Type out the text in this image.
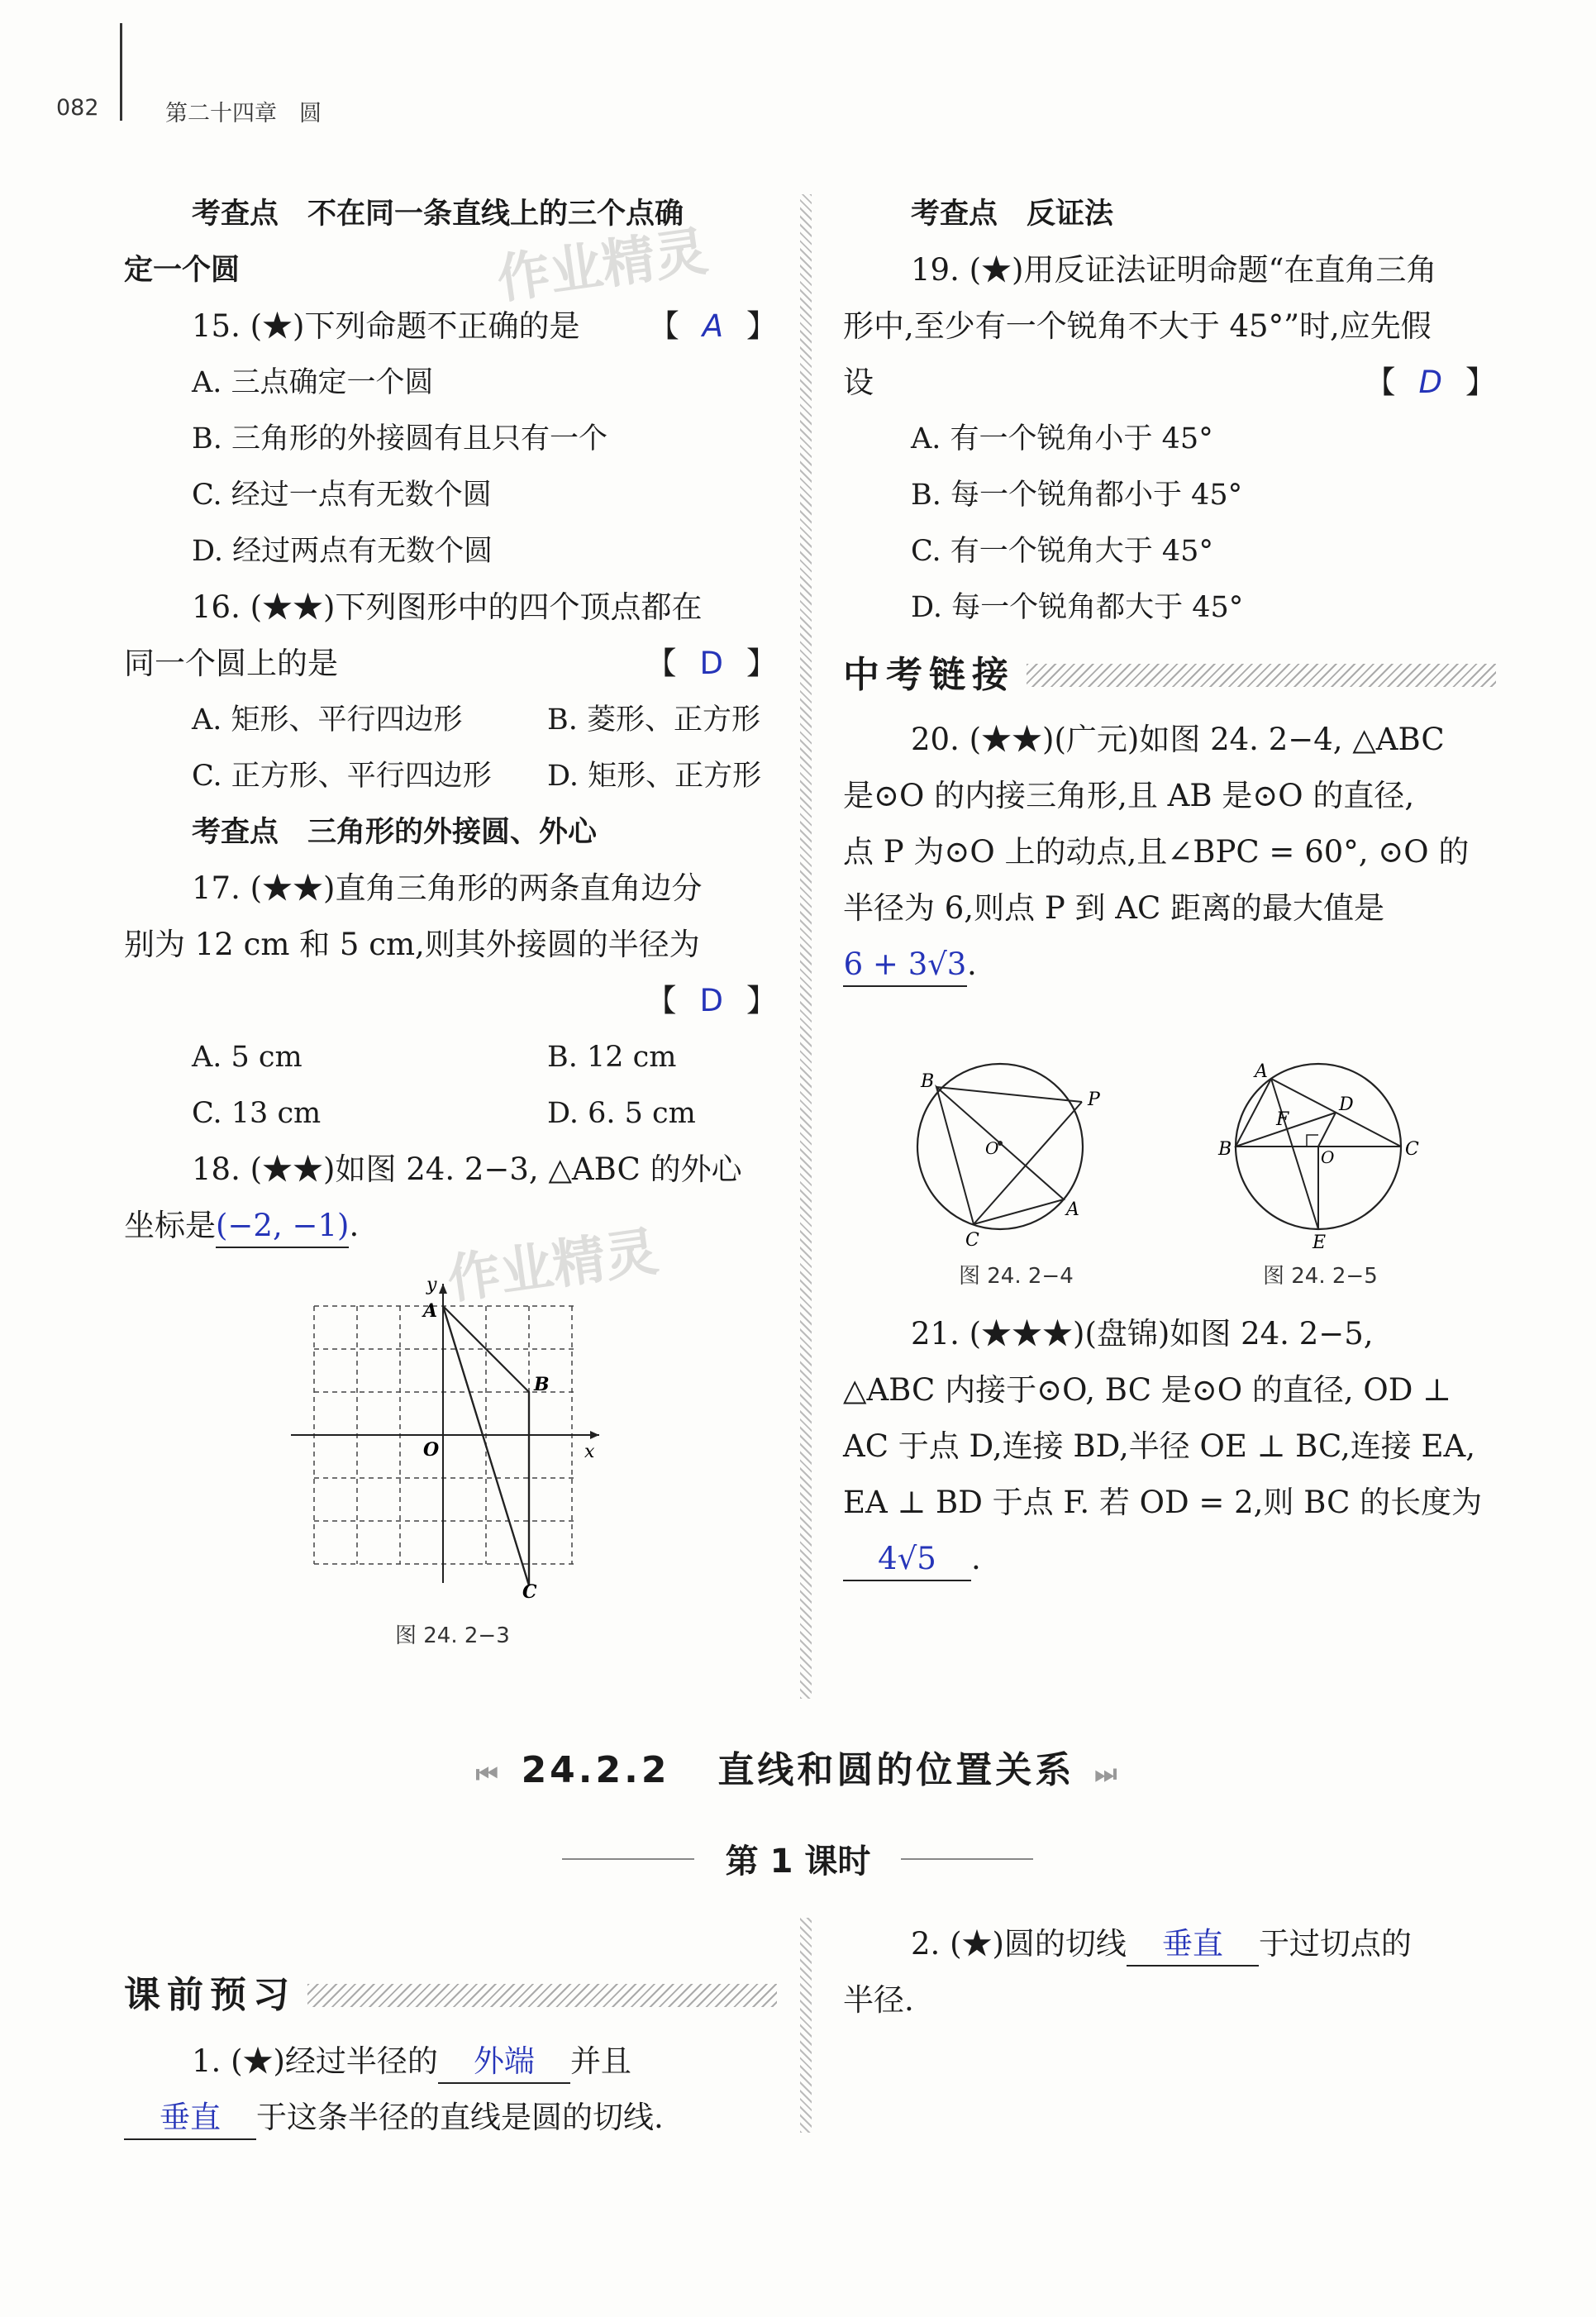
082	第二十四章　圆
作业精灵
作业精灵

考查点　不在同一条直线上的三个点确

定一个圆

15. (★)下列命题不正确的是 【 A 】

A. 三点确定一个圆

B. 三角形的外接圆有且只有一个

C. 经过一点有无数个圆

D. 经过两点有无数个圆

16. (★★)下列图形中的四个顶点都在

同一个圆上的是	【 D 】

A. 矩形、平行四边形	B. 菱形、正方形
C. 正方形、平行四边形	D. 矩形、正方形

考查点　三角形的外接圆、外心

17. (★★)直角三角形的两条直角边分

别为 12 cm 和 5 cm,则其外接圆的半径为

【 D 】

A. 5 cm	B. 12 cm
C. 13 cm	D. 6. 5 cm

18. (★★)如图 24. 2−3, △ABC 的外心

坐标是(−2, −1).

y
x
A
B
C
O
图 24. 2−3

考查点　反证法

19. (★)用反证法证明命题“在直角三角

形中,至少有一个锐角不大于 45°”时,应先假

设	【 D 】

A. 有一个锐角小于 45°

B. 每一个锐角都小于 45°

C. 有一个锐角大于 45°

D. 每一个锐角都大于 45°

中考链接

20. (★★)(广元)如图 24. 2−4, △ABC

是⊙O 的内接三角形,且 AB 是⊙O 的直径,

点 P 为⊙O 上的动点,且∠BPC = 60°, ⊙O 的

半径为 6,则点 P 到 AC 距离的最大值是

6 + 3√3.

B
P
O
A
C
图 24. 2−4
A
B	C
D
E
F
O
图 24. 2−5

21. (★★★)(盘锦)如图 24. 2−5,

△ABC 内接于⊙O, BC 是⊙O 的直径, OD ⊥

AC 于点 D,连接 BD,半径 OE ⊥ BC,连接 EA,

EA ⊥ BD 于点 F. 若 OD = 2,则 BC 的长度为

4√5 .

⏮ 24.2.2 直线和圆的位置关系 ⏭
第 1 课时
课前预习

1. (★)经过半径的 外端 并且

垂直 于这条半径的直线是圆的切线.

2. (★)圆的切线 垂直 于过切点的

半径.
